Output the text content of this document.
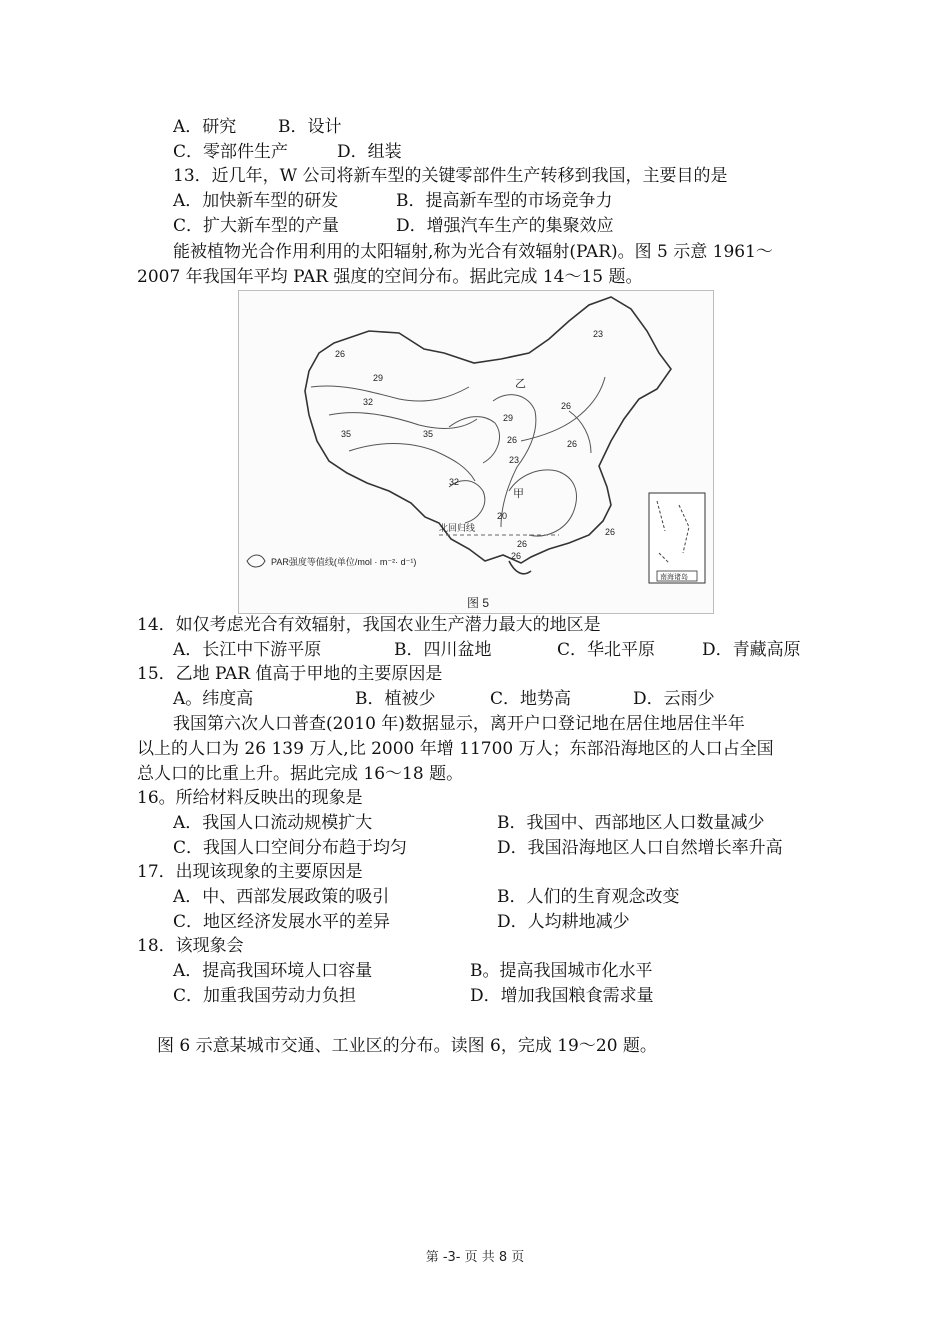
A．研究 B．设计
C．零部件生产	D．组装
13．近几年，W 公司将新车型的关键零部件生产转移到我国，主要目的是
A．加快新车型的研发	B．提高新车型的市场竞争力
C．扩大新车型的产量	D．增强汽车生产的集聚效应
能被植物光合作用利用的太阳辐射,称为光合有效辐射(PAR)。图 5 示意 1961～
2007 年我国年平均 PAR 强度的空间分布。据此完成 14～15 题。
23
26
29
32
35	35
29
26
23
26
26
32
20
26
26
26
乙
甲
北回归线
PAR强度等值线(单位/mol · m⁻²· d⁻¹)
南海诸岛
图 5
14．如仅考虑光合有效辐射，我国农业生产潜力最大的地区是
A．长江中下游平原	B．四川盆地	C．华北平原	D．青藏高原
15．乙地 PAR 值高于甲地的主要原因是
A。纬度高	B．植被少	C．地势高	D．云雨少
我国第六次人口普查(2010 年)数据显示，离开户口登记地在居住地居住半年
以上的人口为 26 139 万人,比 2000 年增 11700 万人；东部沿海地区的人口占全国
总人口的比重上升。据此完成 16～18 题。
16。所给材料反映出的现象是
A．我国人口流动规模扩大	B．我国中、西部地区人口数量减少
C．我国人口空间分布趋于均匀	D．我国沿海地区人口自然增长率升高
17．出现该现象的主要原因是
A．中、西部发展政策的吸引	B．人们的生育观念改变
C．地区经济发展水平的差异	D．人均耕地减少
18．该现象会
A．提高我国环境人口容量	B。提高我国城市化水平
C．加重我国劳动力负担	D．增加我国粮食需求量
图 6 示意某城市交通、工业区的分布。读图 6，完成 19～20 题。
第 -3- 页 共 8 页
